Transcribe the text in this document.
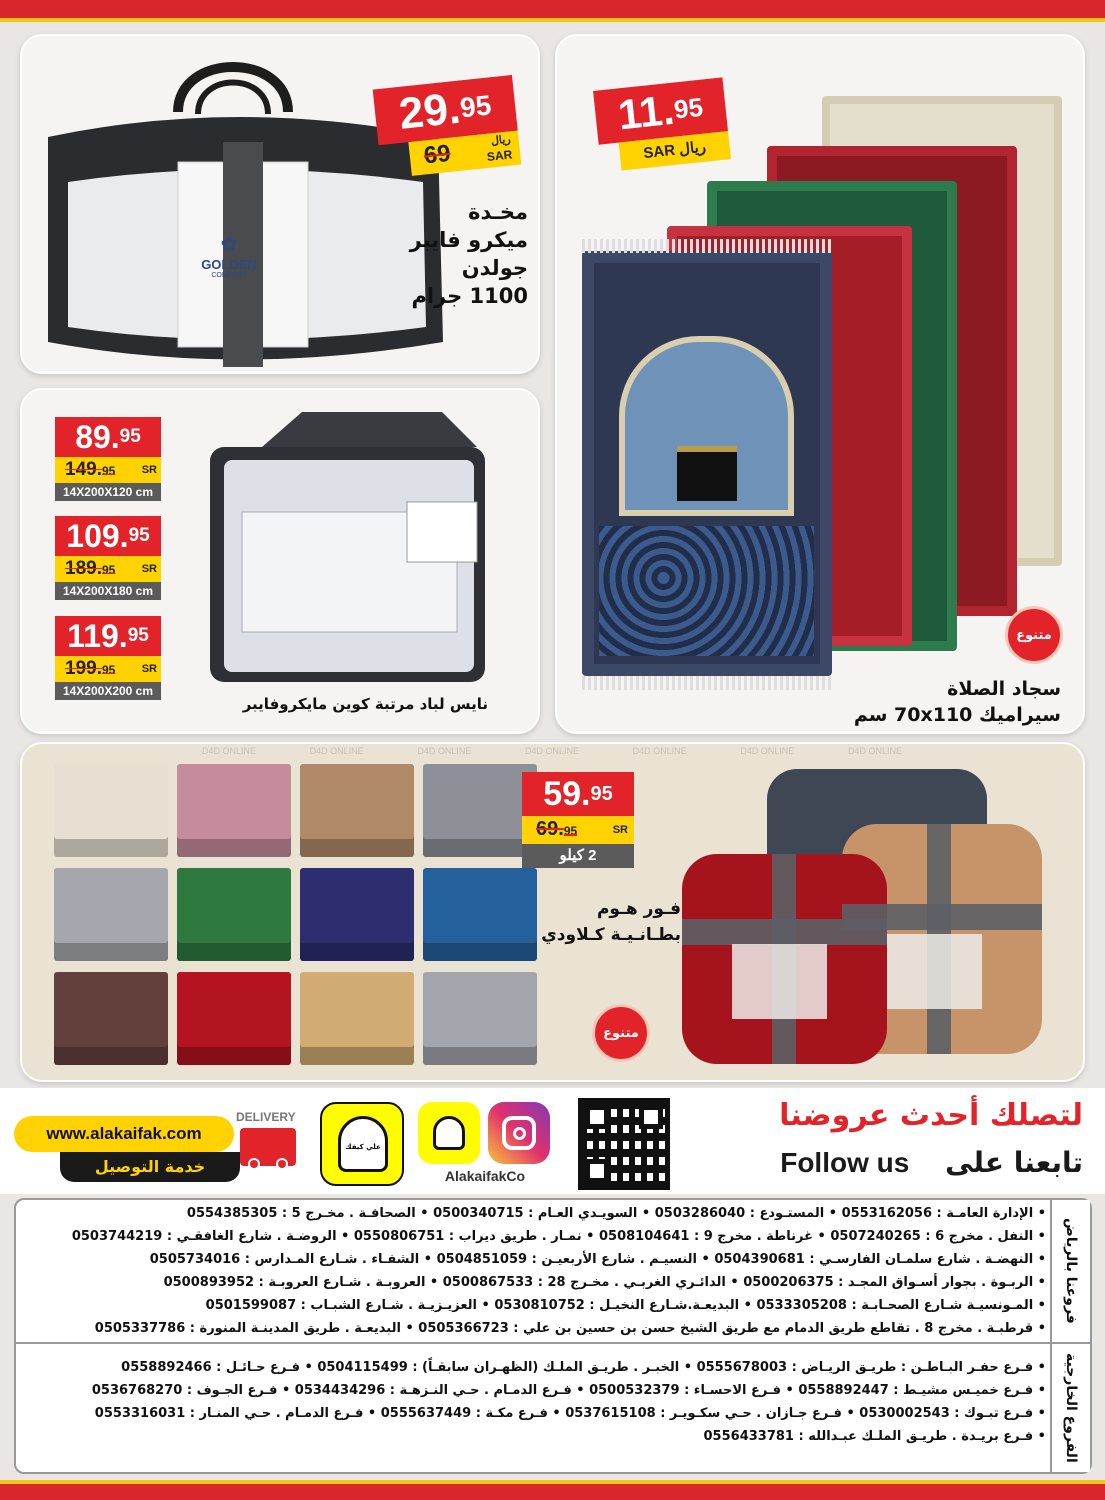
✿
GOLDEN
COMFORT
29.95
69	ريال
SAR
مخـدة
ميكرو فايبر
جولدن
1100 جرام
11.95
SAR ريال
متنوع
سجاد الصلاة
سيراميك 70x110 سم
89.95
149.95 SR
14X200X120 cm
109.95
189.95 SR
14X200X180 cm
119.95
199.95 SR
14X200X200 cm
نايس لباد مرتبة كوين مايكروفايبر
D4D ONLINE	D4D ONLINE	D4D ONLINE	D4D ONLINE	D4D ONLINE	D4D ONLINE	D4D ONLINE
59.95
69.95	SR
2 كيلو
فـور هـوم
بطـانـيـة كـلاودي
متنوع
www.alakaifak.com
خدمة التوصيل
DELIVERY
علي كيفك
AlakaifakCo
لتصلك أحدث عروضنا
Follow us تابعنا على
فروعنا بالرياض
• الإدارة العامـة : 0553162056 • المستـودع : 0503286040 • السويـدي العـام : 0500340715 • الصحافـة . مخـرج 5 : 0554385305
• النفل . مخرج 6 : 0507240265 • غرناطة . مخرج 9 : 0508104641 • نمـار . طريق ديراب : 0550806751 • الروضـة . شارع الغافقـي : 0503744219
• النهضـة . شارع سلمـان الفارسـي : 0504390681 • النسيـم . شارع الأربعيـن : 0504851059 • الشفـاء . شـارع المـدارس : 0505734016
• الربـوة . بجوار أسـواق المجـد : 0500206375 • الدائـري الغربـي . مخـرج 28 : 0500867533 • العروبـة . شـارع العروبـة : 0500893952
• المـونسيـة شـارع الصحـابـة : 0533305208 • البديعـة.شـارع النخيـل : 0530810752 • العزيـزيـة . شـارع الشبـاب : 0501599087
• قرطبـة . مخرج 8 . تقاطع طريق الدمام مع طريق الشيخ حسن بن حسين بن علي : 0505366723 • البديعـة . طريق المدينـة المنورة : 0505337786
الفروع الخارجية
• فـرع حفـر البـاطـن : طريـق الريـاض : 0555678003 • الخبـر . طريـق الملـك (الظهـران سابقـاً) : 0504115499 • فـرع حـائـل : 0558892466
• فـرع خميـس مشيـط : 0558892447 • فـرع الاحسـاء : 0500532379 • فـرع الدمـام . حـي النـزهـة : 0534434296 • فـرع الجـوف : 0536768270
• فـرع تبـوك : 0530002543 • فـرع جـازان . حـي سكـويـر : 0537615108 • فـرع مكـة : 0555637449 • فـرع الدمـام . حـي المنـار : 0553316031
• فـرع بريـدة . طريـق الملـك عبـدالله : 0556433781
